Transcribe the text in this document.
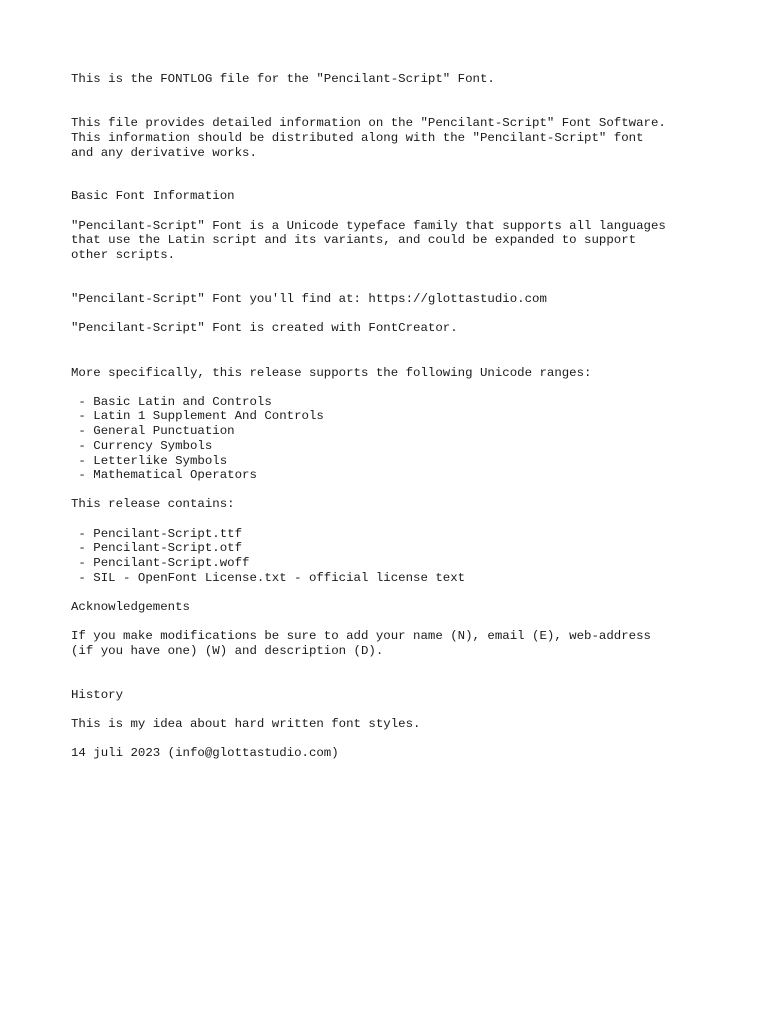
This is the FONTLOG file for the "Pencilant-Script" Font.

This file provides detailed information on the "Pencilant-Script" Font Software.

This information should be distributed along with the "Pencilant-Script" font

and any derivative works.

Basic Font Information

"Pencilant-Script" Font is a Unicode typeface family that supports all languages

that use the Latin script and its variants, and could be expanded to support

other scripts.

"Pencilant-Script" Font you'll find at: https://glottastudio.com

"Pencilant-Script" Font is created with FontCreator.

More specifically, this release supports the following Unicode ranges:

- Basic Latin and Controls

- Latin 1 Supplement And Controls

- General Punctuation

- Currency Symbols

- Letterlike Symbols

- Mathematical Operators

This release contains:

- Pencilant-Script.ttf

- Pencilant-Script.otf

- Pencilant-Script.woff

- SIL - OpenFont License.txt - official license text

Acknowledgements

If you make modifications be sure to add your name (N), email (E), web-address

(if you have one) (W) and description (D).

History

This is my idea about hard written font styles.

14 juli 2023 (info@glottastudio.com)
